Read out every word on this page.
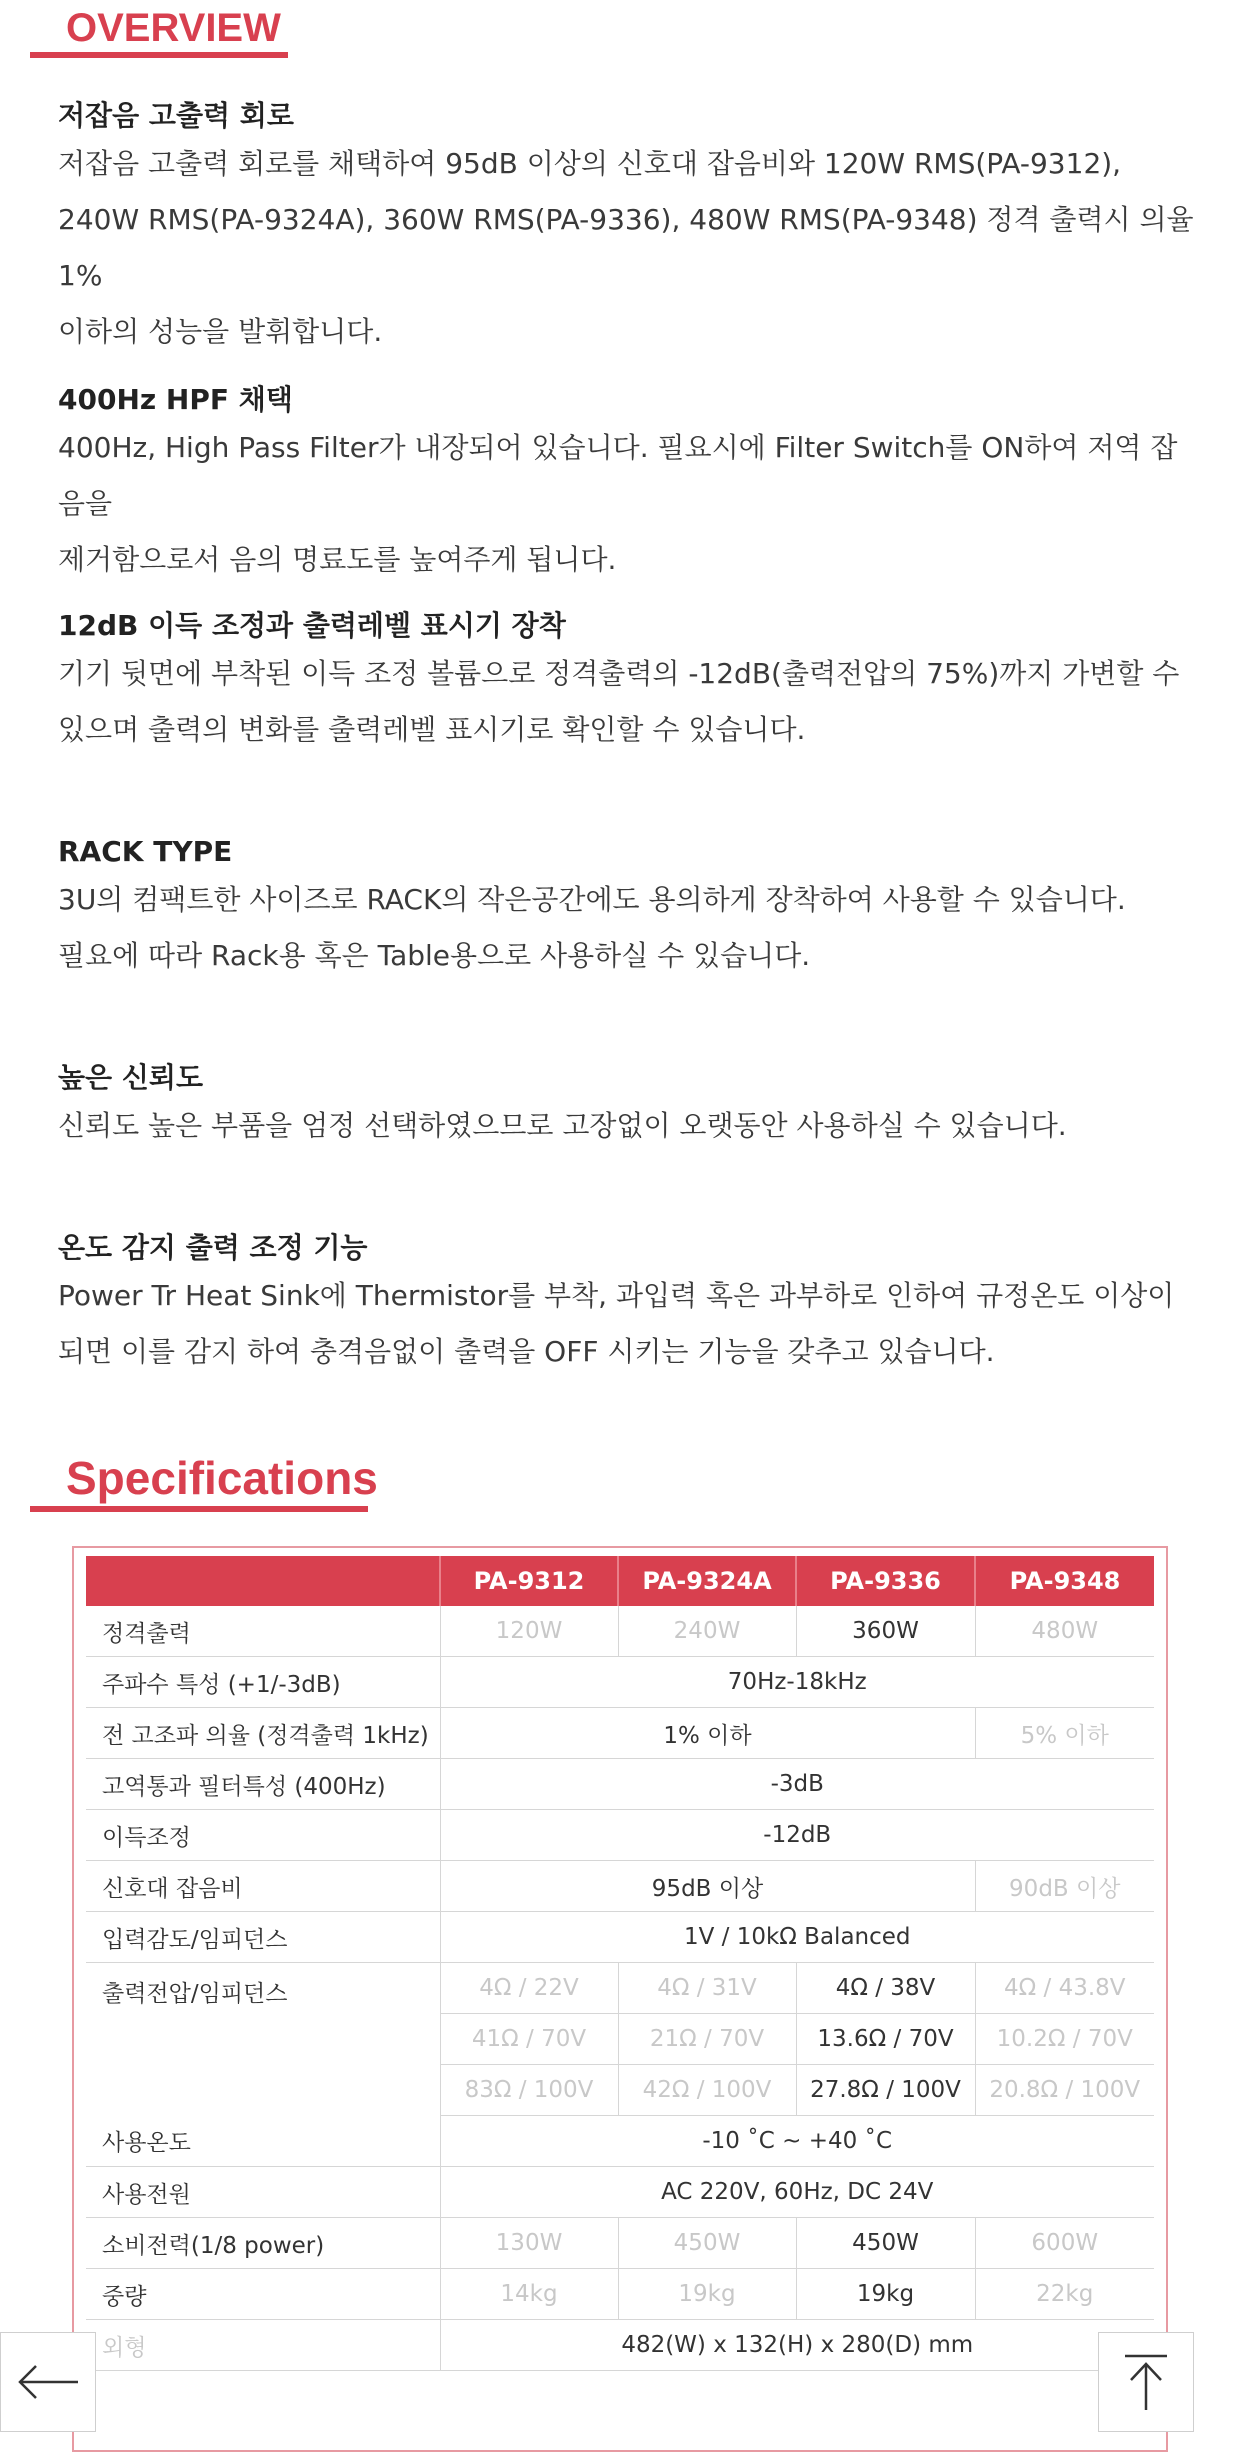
OVERVIEW
저잡음 고출력 회로

저잡음 고출력 회로를 채택하여 95dB 이상의 신호대 잡음비와 120W RMS(PA-9312),

240W RMS(PA-9324A), 360W RMS(PA-9336), 480W RMS(PA-9348) 정격 출력시 의율 1%

이하의 성능을 발휘합니다.

400Hz HPF 채택

400Hz, High Pass Filter가 내장되어 있습니다. 필요시에 Filter Switch를 ON하여 저역 잡음을

제거함으로서 음의 명료도를 높여주게 됩니다.

12dB 이득 조정과 출력레벨 표시기 장착

기기 뒷면에 부착된 이득 조정 볼륨으로 정격출력의 -12dB(출력전압의 75%)까지 가변할 수

있으며 출력의 변화를 출력레벨 표시기로 확인할 수 있습니다.

RACK TYPE

3U의 컴팩트한 사이즈로 RACK의 작은공간에도 용의하게 장착하여 사용할 수 있습니다.

필요에 따라 Rack용 혹은 Table용으로 사용하실 수 있습니다.

높은 신뢰도

신뢰도 높은 부품을 엄정 선택하였으므로 고장없이 오랫동안 사용하실 수 있습니다.

온도 감지 출력 조정 기능

Power Tr Heat Sink에 Thermistor를 부착, 과입력 혹은 과부하로 인하여 규정온도 이상이

되면 이를 감지 하여 충격음없이 출력을 OFF 시키는 기능을 갖추고 있습니다.

Specifications
	PA-9312	PA-9324A	PA-9336	PA-9348
정격출력	120W	240W	360W	480W
주파수 특성 (+1/-3dB)	70Hz-18kHz			
전 고조파 의율 (정격출력 1kHz)	1% 이하			5% 이하
고역통과 필터특성 (400Hz)	-3dB			
이득조정	-12dB			
신호대 잡음비	95dB 이상			90dB 이상
입력감도/임피던스	1V / 10kΩ Balanced			
출력전압/임피던스	4Ω / 22V	4Ω / 31V	4Ω / 38V	4Ω / 43.8V
	41Ω / 70V	21Ω / 70V	13.6Ω / 70V	10.2Ω / 70V
	83Ω / 100V	42Ω / 100V	27.8Ω / 100V	20.8Ω / 100V
사용온도	-10 ˚C ~ +40 ˚C			
사용전원	AC 220V, 60Hz, DC 24V			
소비전력(1/8 power)	130W	450W	450W	600W
중량	14kg	19kg	19kg	22kg
외형	482(W) x 132(H) x 280(D) mm			
